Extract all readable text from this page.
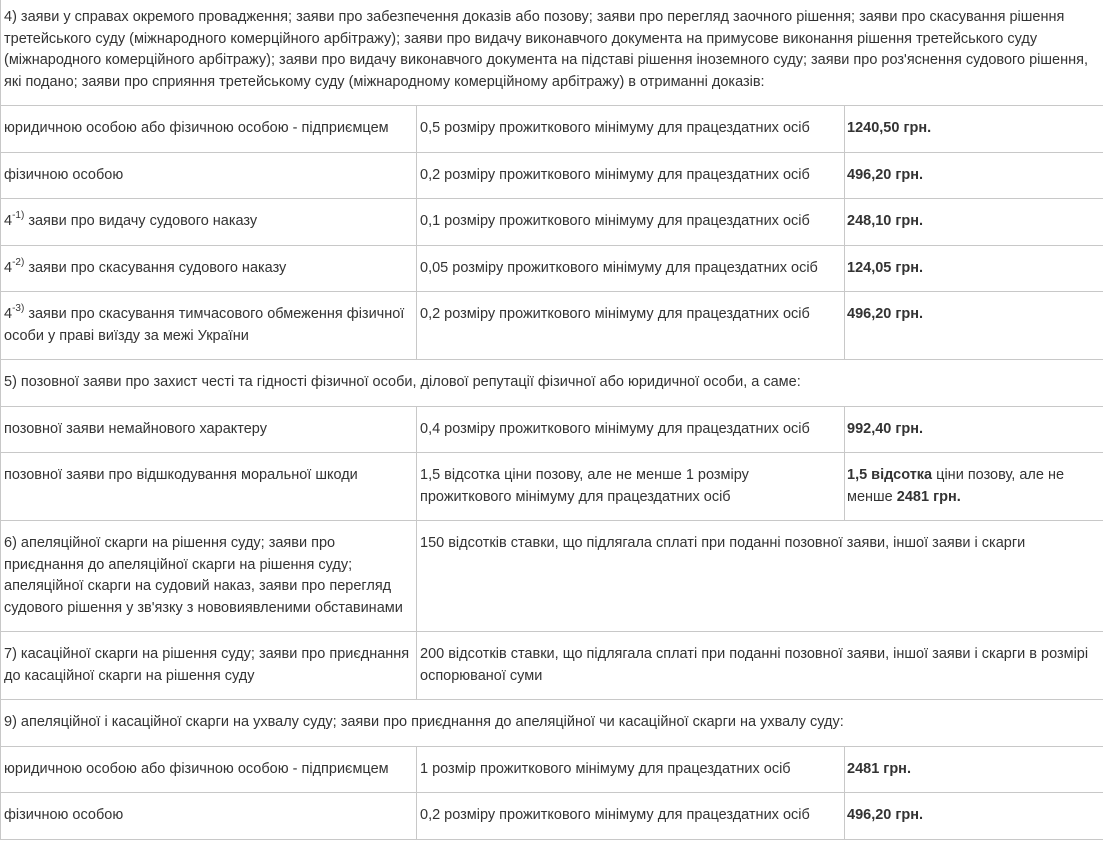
4) заяви у справах окремого провадження; заяви про забезпечення доказів або позову; заяви про перегляд заочного рішення; заяви про скасування рішення третейського суду (міжнародного комерційного арбітражу); заяви про видачу виконавчого документа на примусове виконання рішення третейського суду (міжнародного комерційного арбітражу); заяви про видачу виконавчого документа на підставі рішення іноземного суду; заяви про роз'яснення судового рішення, які подано; заяви про сприяння третейському суду (міжнародному комерційному арбітражу) в отриманні доказів:		
юридичною особою або фізичною особою - підприємцем	0,5 розміру прожиткового мінімуму для працездатних осіб	1240,50 грн.
фізичною особою	0,2 розміру прожиткового мінімуму для працездатних осіб	496,20 грн.
$4^{-1)}$ заяви про видачу судового наказу	0,1 розміру прожиткового мінімуму для працездатних осіб	248,10 грн.
$4^{-2)}$ заяви про скасування судового наказу	0,05 розміру прожиткового мінімуму для працездатних осіб	124,05 грн.
$4^{-3)}$ заяви про скасування тимчасового обмеження фізичної особи у праві виїзду за межі України	0,2 розміру прожиткового мінімуму для працездатних осіб	496,20 грн.
5) позовної заяви про захист честі та гідності фізичної особи, ділової репутації фізичної або юридичної особи, а саме:		
позовної заяви немайнового характеру	0,4 розміру прожиткового мінімуму для працездатних осіб	992,40 грн.
позовної заяви про відшкодування моральної шкоди	1,5 відсотка ціни позову, але не менше 1 розміру прожиткового мінімуму для працездатних осіб	1,5 відсотка ціни позову, але не менше 2481 грн.
6) апеляційної скарги на рішення суду; заяви про приєднання до апеляційної скарги на рішення суду; апеляційної скарги на судовий наказ, заяви про перегляд судового рішення у зв'язку з нововиявленими обставинами	150 відсотків ставки, що підлягала сплаті при поданні позовної заяви, іншої заяви і скарги	
7) касаційної скарги на рішення суду; заяви про приєднання до касаційної скарги на рішення суду	200 відсотків ставки, що підлягала сплаті при поданні позовної заяви, іншої заяви і скарги в розмірі оспорюваної суми	
9) апеляційної і касаційної скарги на ухвалу суду; заяви про приєднання до апеляційної чи касаційної скарги на ухвалу суду:		
юридичною особою або фізичною особою - підприємцем	1 розмір прожиткового мінімуму для працездатних осіб	2481 грн.
фізичною особою	0,2 розміру прожиткового мінімуму для працездатних осіб	496,20 грн.
